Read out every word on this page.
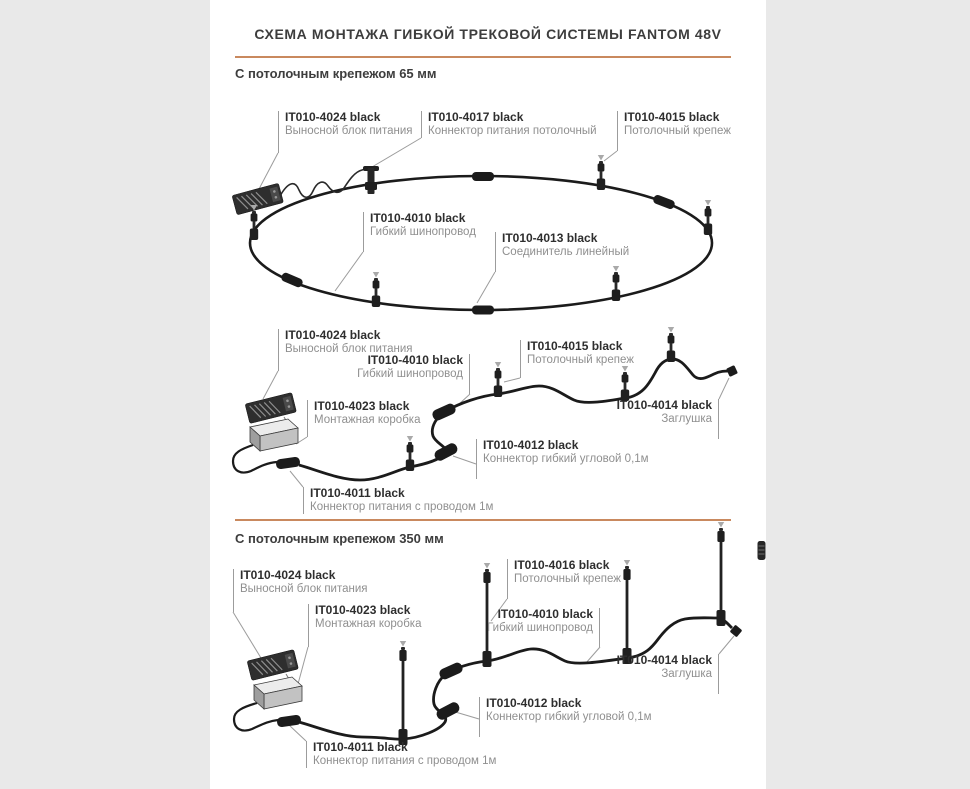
СХЕМА МОНТАЖА ГИБКОЙ ТРЕКОВОЙ СИСТЕМЫ FANTOM 48V
С потолочным крепежом 65 мм
С потолочным крепежом 350 мм
IT010-4024 black
Выносной блок питания
IT010-4017 black
Коннектор питания потолочный
IT010-4015 black
Потолочный крепеж
IT010-4010 black
Гибкий шинопровод IT010-4013 black
Соединитель линейный
IT010-4024 black
Выносной блок питания
IT010-4010 black
Гибкий шинопровод
IT010-4015 black
Потолочный крепеж
IT010-4023 black
Монтажная коробка
IT010-4014 black
Заглушка
IT010-4012 black
Коннектор гибкий угловой 0,1м
IT010-4011 black
Коннектор питания с проводом 1м
IT010-4024 black
Выносной блок питания
IT010-4023 black
Монтажная коробка
IT010-4016 black
Потолочный крепеж
IT010-4010 black
Гибкий шинопровод
IT010-4014 black
Заглушка
IT010-4012 black
Коннектор гибкий угловой 0,1м
IT010-4011 black
Коннектор питания с проводом 1м
